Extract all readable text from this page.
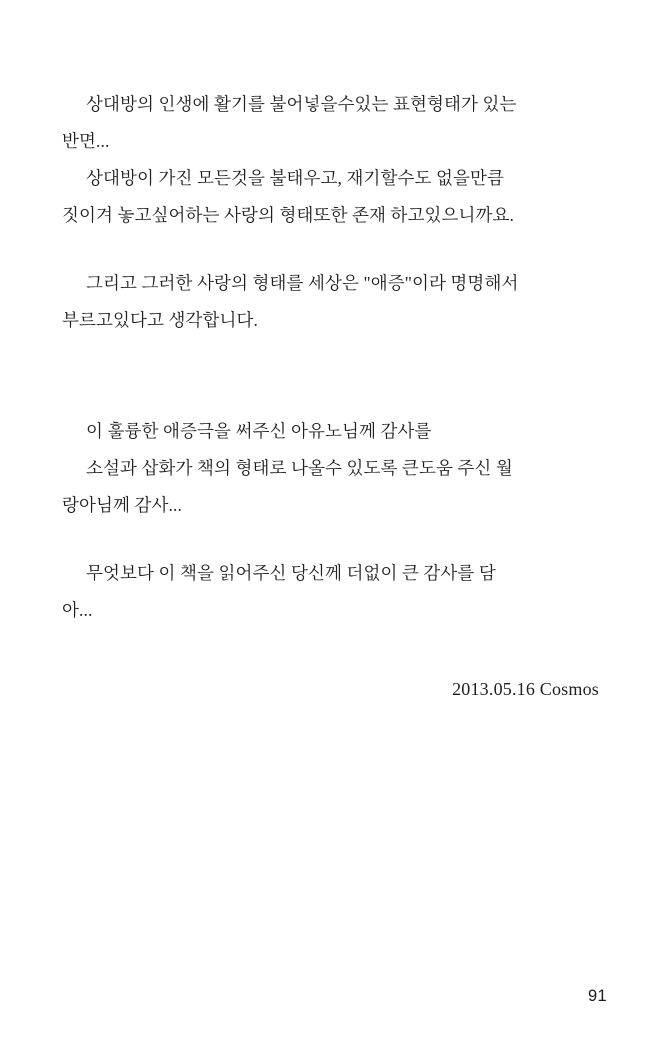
상대방의 인생에 활기를 불어넣을수있는 표현형태가 있는

반면...

상대방이 가진 모든것을 불태우고, 재기할수도 없을만큼

짓이겨 놓고싶어하는 사랑의 형태또한 존재 하고있으니까요.

그리고 그러한 사랑의 형태를 세상은 "애증"이라 명명해서

부르고있다고 생각합니다.

이 훌륭한 애증극을 써주신 아유노님께 감사를

소설과 삽화가 책의 형태로 나올수 있도록 큰도움 주신 월

랑아님께 감사...

무엇보다 이 책을 읽어주신 당신께 더없이 큰 감사를 담

아...

2013.05.16 Cosmos
91
